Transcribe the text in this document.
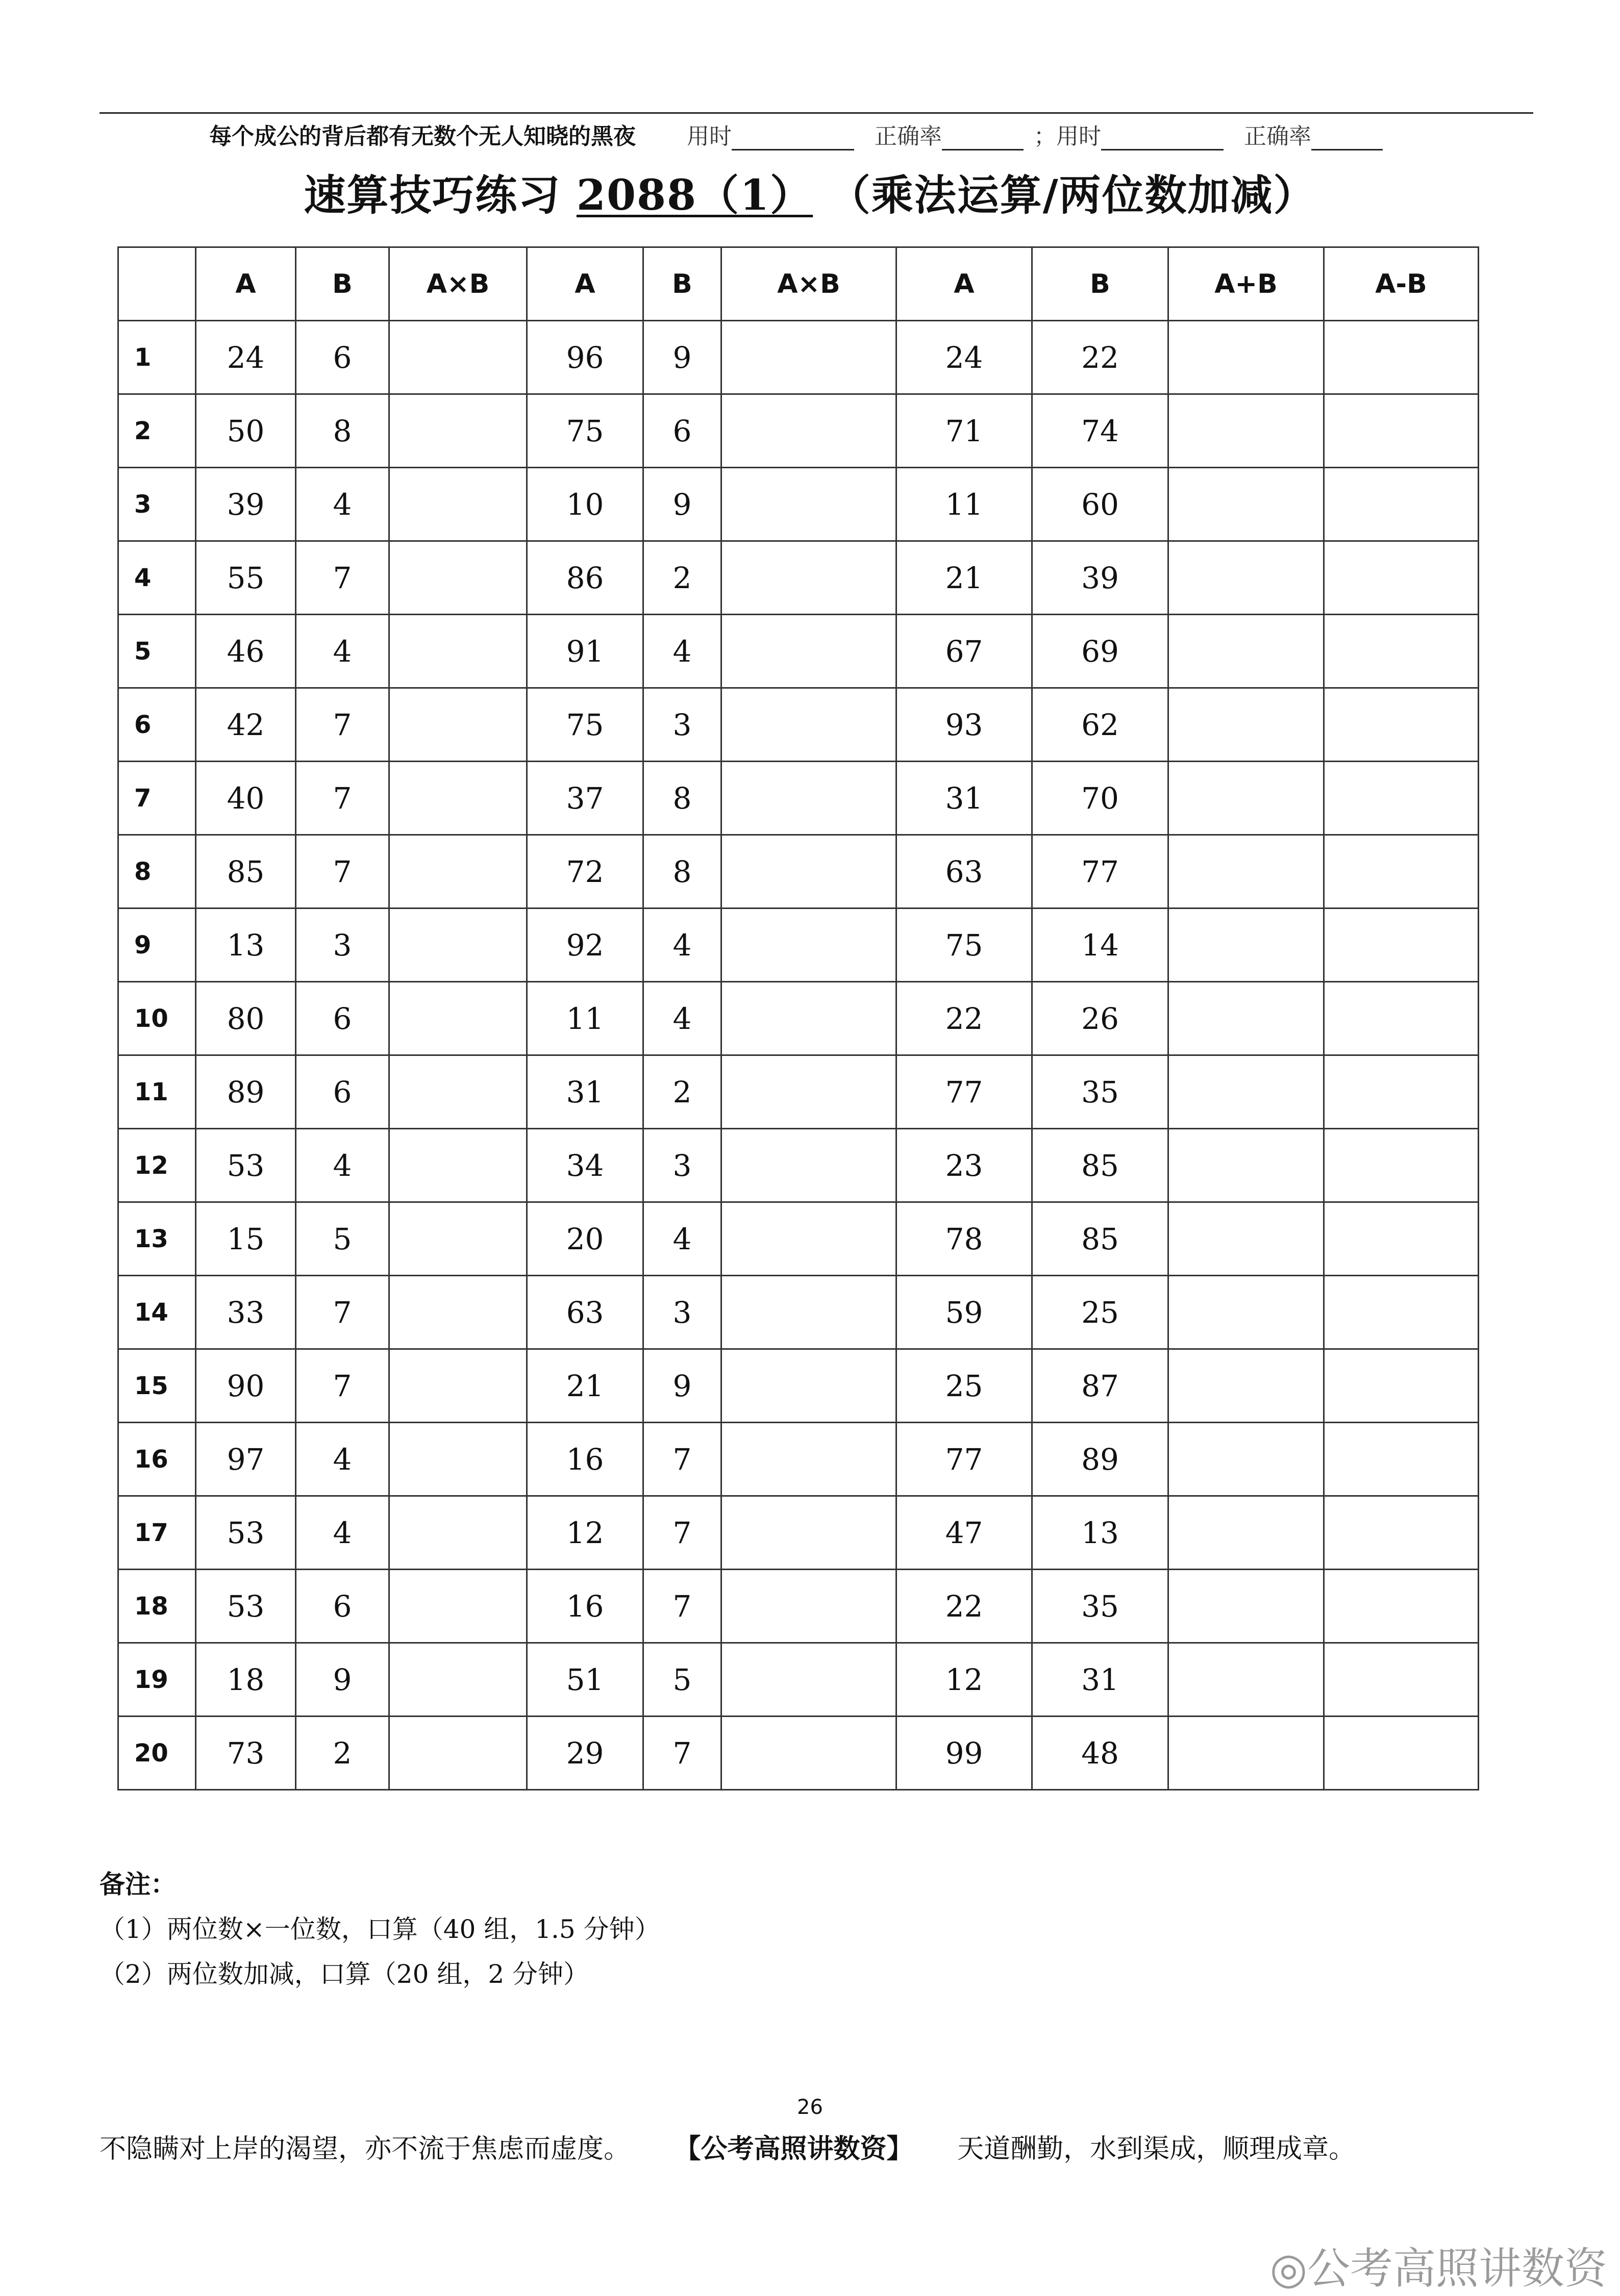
每个成公的背后都有无数个无人知晓的黑夜 用时	正确率	； 用时	正确率
速算技巧练习 2088（1） （乘法运算/两位数加减）
	A	B	A×B	A	B	A×B	A	B	A+B	A-B
1	24	6		96	9		24	22		
2	50	8		75	6		71	74		
3	39	4		10	9		11	60		
4	55	7		86	2		21	39		
5	46	4		91	4		67	69		
6	42	7		75	3		93	62		
7	40	7		37	8		31	70		
8	85	7		72	8		63	77		
9	13	3		92	4		75	14		
10	80	6		11	4		22	26		
11	89	6		31	2		77	35		
12	53	4		34	3		23	85		
13	15	5		20	4		78	85		
14	33	7		63	3		59	25		
15	90	7		21	9		25	87		
16	97	4		16	7		77	89		
17	53	4		12	7		47	13		
18	53	6		16	7		22	35		
19	18	9		51	5		12	31		
20	73	2		29	7		99	48		
备注：
（1）两位数×一位数，口算（40 组，1.5 分钟）
（2）两位数加减，口算（20 组，2 分钟）
26
不隐瞒对上岸的渴望，亦不流于焦虑而虚度。 【公考高照讲数资】 天道酬勤，水到渠成，顺理成章。
◎公考高照讲数资
